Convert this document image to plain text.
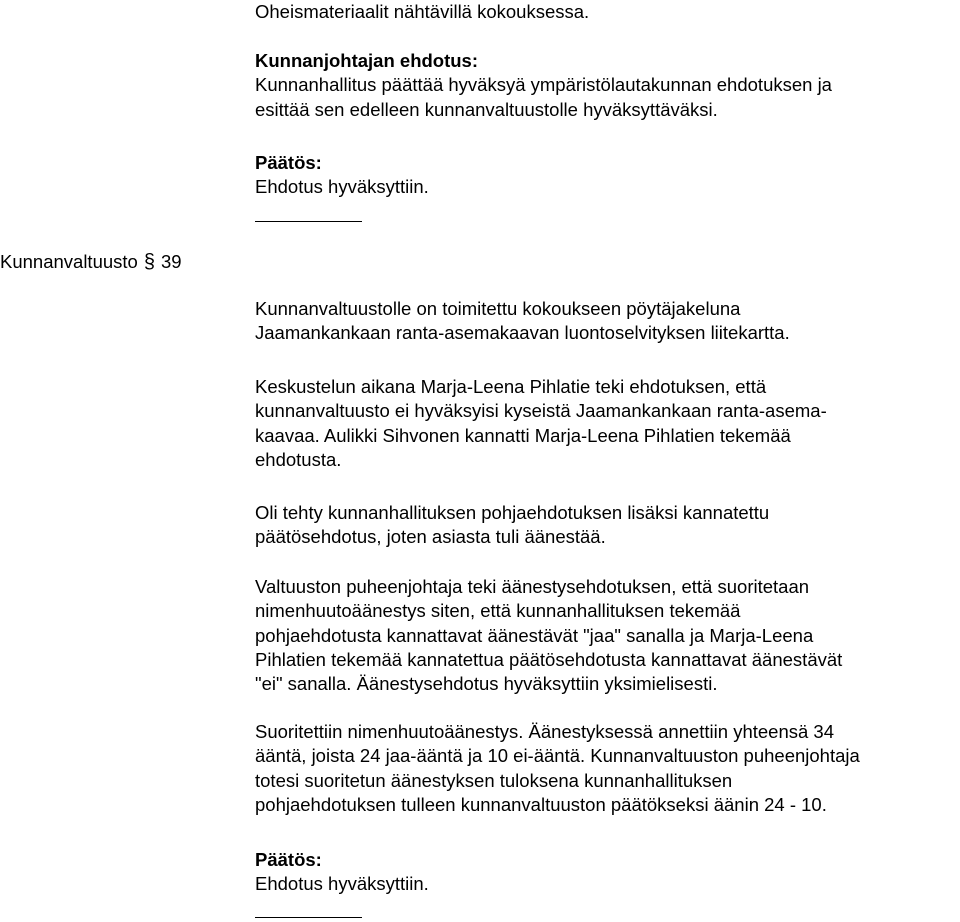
Oheismateriaalit nähtävillä kokouksessa.
Kunnanjohtajan ehdotus:
Kunnanhallitus päättää hyväksyä ympäristölautakunnan ehdotuksen ja
esittää sen edelleen kunnanvaltuustolle hyväksyttäväksi.
Päätös:
Ehdotus hyväksyttiin.
Kunnanvaltuusto § 39
Kunnanvaltuustolle on toimitettu kokoukseen pöytäjakeluna
Jaamankankaan ranta-asemakaavan luontoselvityksen liitekartta.
Keskustelun aikana Marja-Leena Pihlatie teki ehdotuksen, että
kunnanvaltuusto ei hyväksyisi kyseistä Jaamankankaan ranta-asema-
kaavaa. Aulikki Sihvonen kannatti Marja-Leena Pihlatien tekemää
ehdotusta.
Oli tehty kunnanhallituksen pohjaehdotuksen lisäksi kannatettu
päätösehdotus, joten asiasta tuli äänestää.
Valtuuston puheenjohtaja teki äänestysehdotuksen, että suoritetaan
nimenhuutoäänestys siten, että kunnanhallituksen tekemää
pohjaehdotusta kannattavat äänestävät "jaa" sanalla ja Marja-Leena
Pihlatien tekemää kannatettua päätösehdotusta kannattavat äänestävät
"ei" sanalla. Äänestysehdotus hyväksyttiin yksimielisesti.
Suoritettiin nimenhuutoäänestys. Äänestyksessä annettiin yhteensä 34
ääntä, joista 24 jaa-ääntä ja 10 ei-ääntä. Kunnanvaltuuston puheenjohtaja
totesi suoritetun äänestyksen tuloksena kunnanhallituksen
pohjaehdotuksen tulleen kunnanvaltuuston päätökseksi äänin 24 - 10.
Päätös:
Ehdotus hyväksyttiin.
